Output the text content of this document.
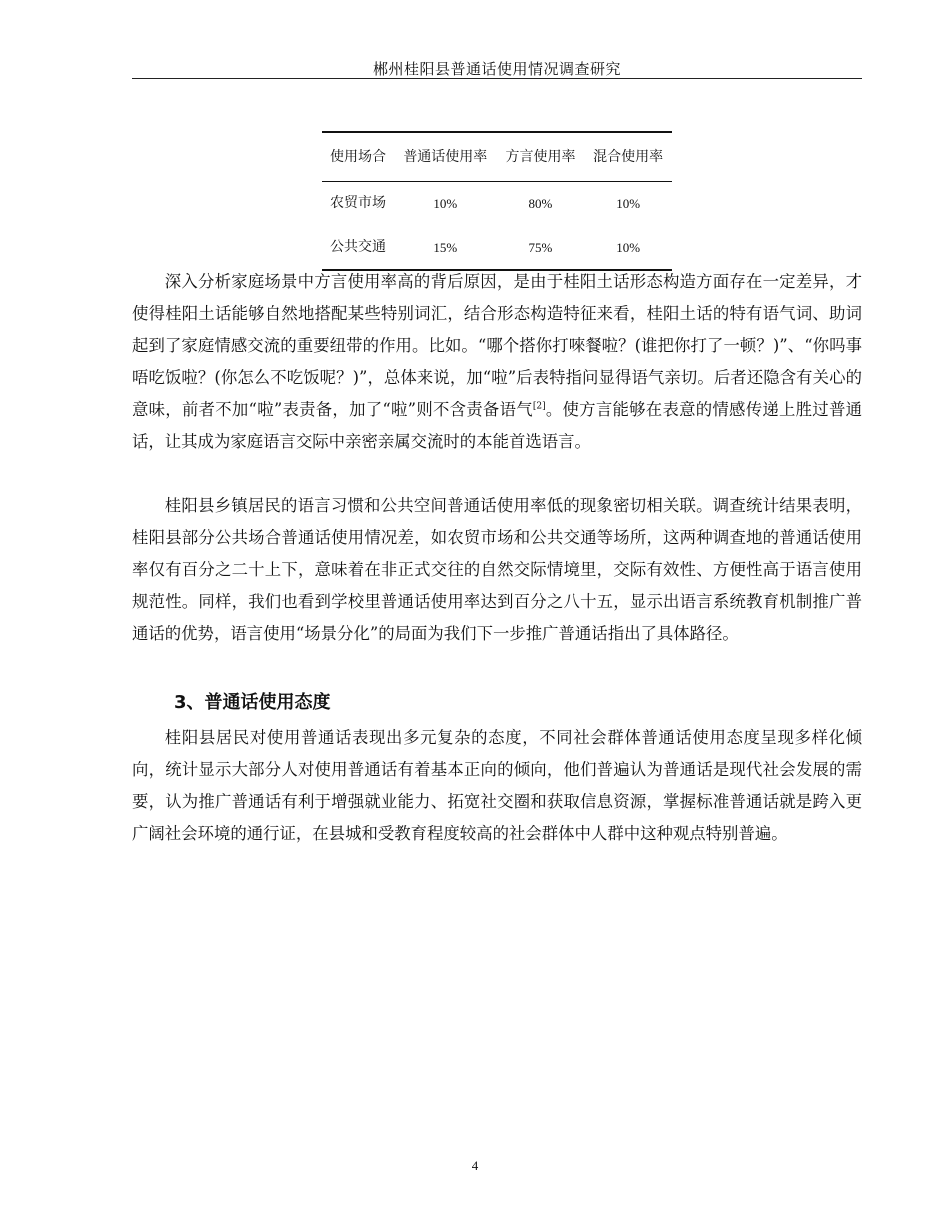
郴州桂阳县普通话使用情况调查研究
使用场合	普通话使用率	方言使用率	混合使用率
农贸市场	10%	80%	10%
公共交通	15%	75%	10%

深入分析家庭场景中方言使用率高的背后原因，是由于桂阳土话形态构造方面存在一定差异，才使得桂阳土话能够自然地搭配某些特别词汇，结合形态构造特征来看，桂阳土话的特有语气词、助词起到了家庭情感交流的重要纽带的作用。比如。“哪个搭你打唻餐啦？(谁把你打了一顿？)”、“你吗事唔吃饭啦？(你怎么不吃饭呢？)”，总体来说，加“啦”后表特指问显得语气亲切。后者还隐含有关心的意味，前者不加“啦”表责备，加了“啦”则不含责备语气[2]。使方言能够在表意的情感传递上胜过普通话，让其成为家庭语言交际中亲密亲属交流时的本能首选语言。

桂阳县乡镇居民的语言习惯和公共空间普通话使用率低的现象密切相关联。调查统计结果表明，桂阳县部分公共场合普通话使用情况差，如农贸市场和公共交通等场所，这两种调查地的普通话使用率仅有百分之二十上下，意味着在非正式交往的自然交际情境里，交际有效性、方便性高于语言使用规范性。同样，我们也看到学校里普通话使用率达到百分之八十五，显示出语言系统教育机制推广普通话的优势，语言使用“场景分化”的局面为我们下一步推广普通话指出了具体路径。

3、普通话使用态度

桂阳县居民对使用普通话表现出多元复杂的态度，不同社会群体普通话使用态度呈现多样化倾向，统计显示大部分人对使用普通话有着基本正向的倾向，他们普遍认为普通话是现代社会发展的需要，认为推广普通话有利于增强就业能力、拓宽社交圈和获取信息资源，掌握标准普通话就是跨入更广阔社会环境的通行证，在县城和受教育程度较高的社会群体中人群中这种观点特别普遍。

4
